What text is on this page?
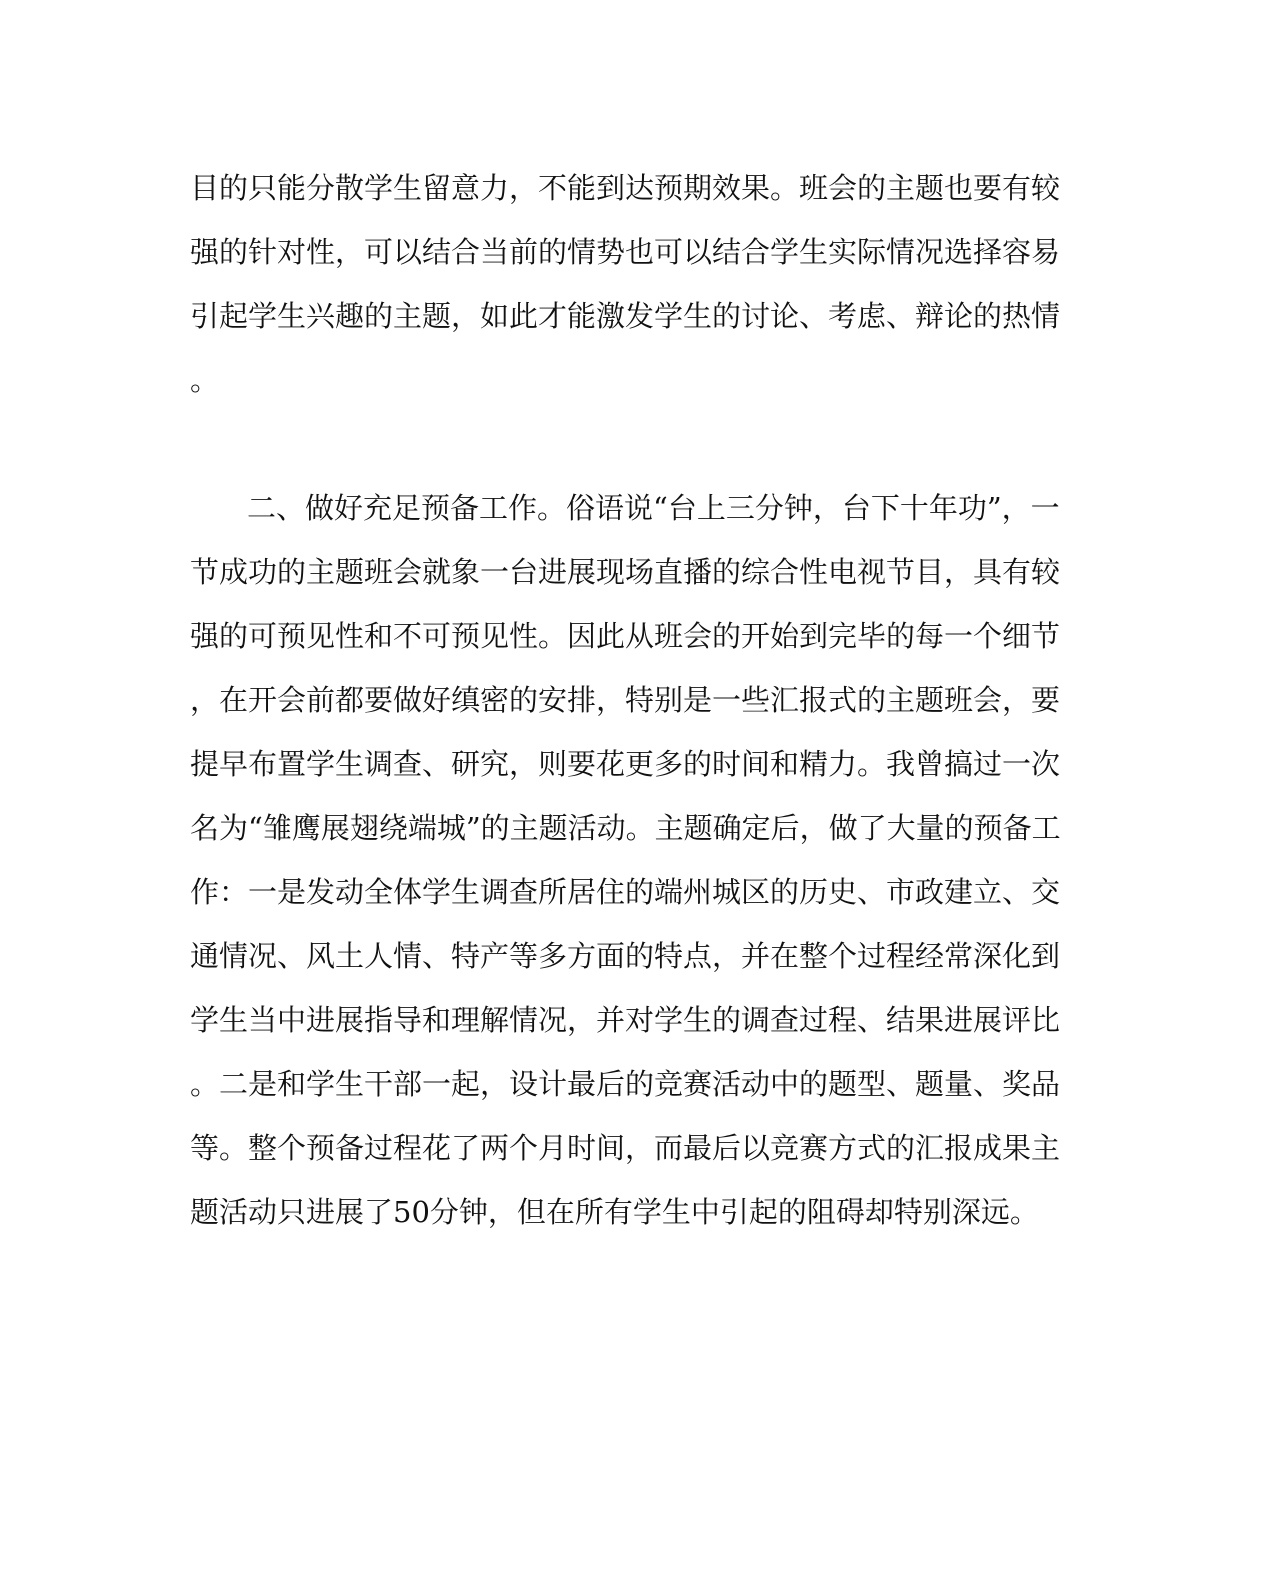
目的只能分散学生留意力，不能到达预期效果。班会的主题也要有较
强的针对性，可以结合当前的情势也可以结合学生实际情况选择容易
引起学生兴趣的主题，如此才能激发学生的讨论、考虑、辩论的热情
。
二、做好充足预备工作。俗语说“台上三分钟，台下十年功”，一
节成功的主题班会就象一台进展现场直播的综合性电视节目，具有较
强的可预见性和不可预见性。因此从班会的开始到完毕的每一个细节
，在开会前都要做好缜密的安排，特别是一些汇报式的主题班会，要
提早布置学生调查、研究，则要花更多的时间和精力。我曾搞过一次
名为“雏鹰展翅绕端城”的主题活动。主题确定后，做了大量的预备工
作：一是发动全体学生调查所居住的端州城区的历史、市政建立、交
通情况、风土人情、特产等多方面的特点，并在整个过程经常深化到
学生当中进展指导和理解情况，并对学生的调查过程、结果进展评比
。二是和学生干部一起，设计最后的竞赛活动中的题型、题量、奖品
等。整个预备过程花了两个月时间，而最后以竞赛方式的汇报成果主
题活动只进展了50分钟，但在所有学生中引起的阻碍却特别深远。
